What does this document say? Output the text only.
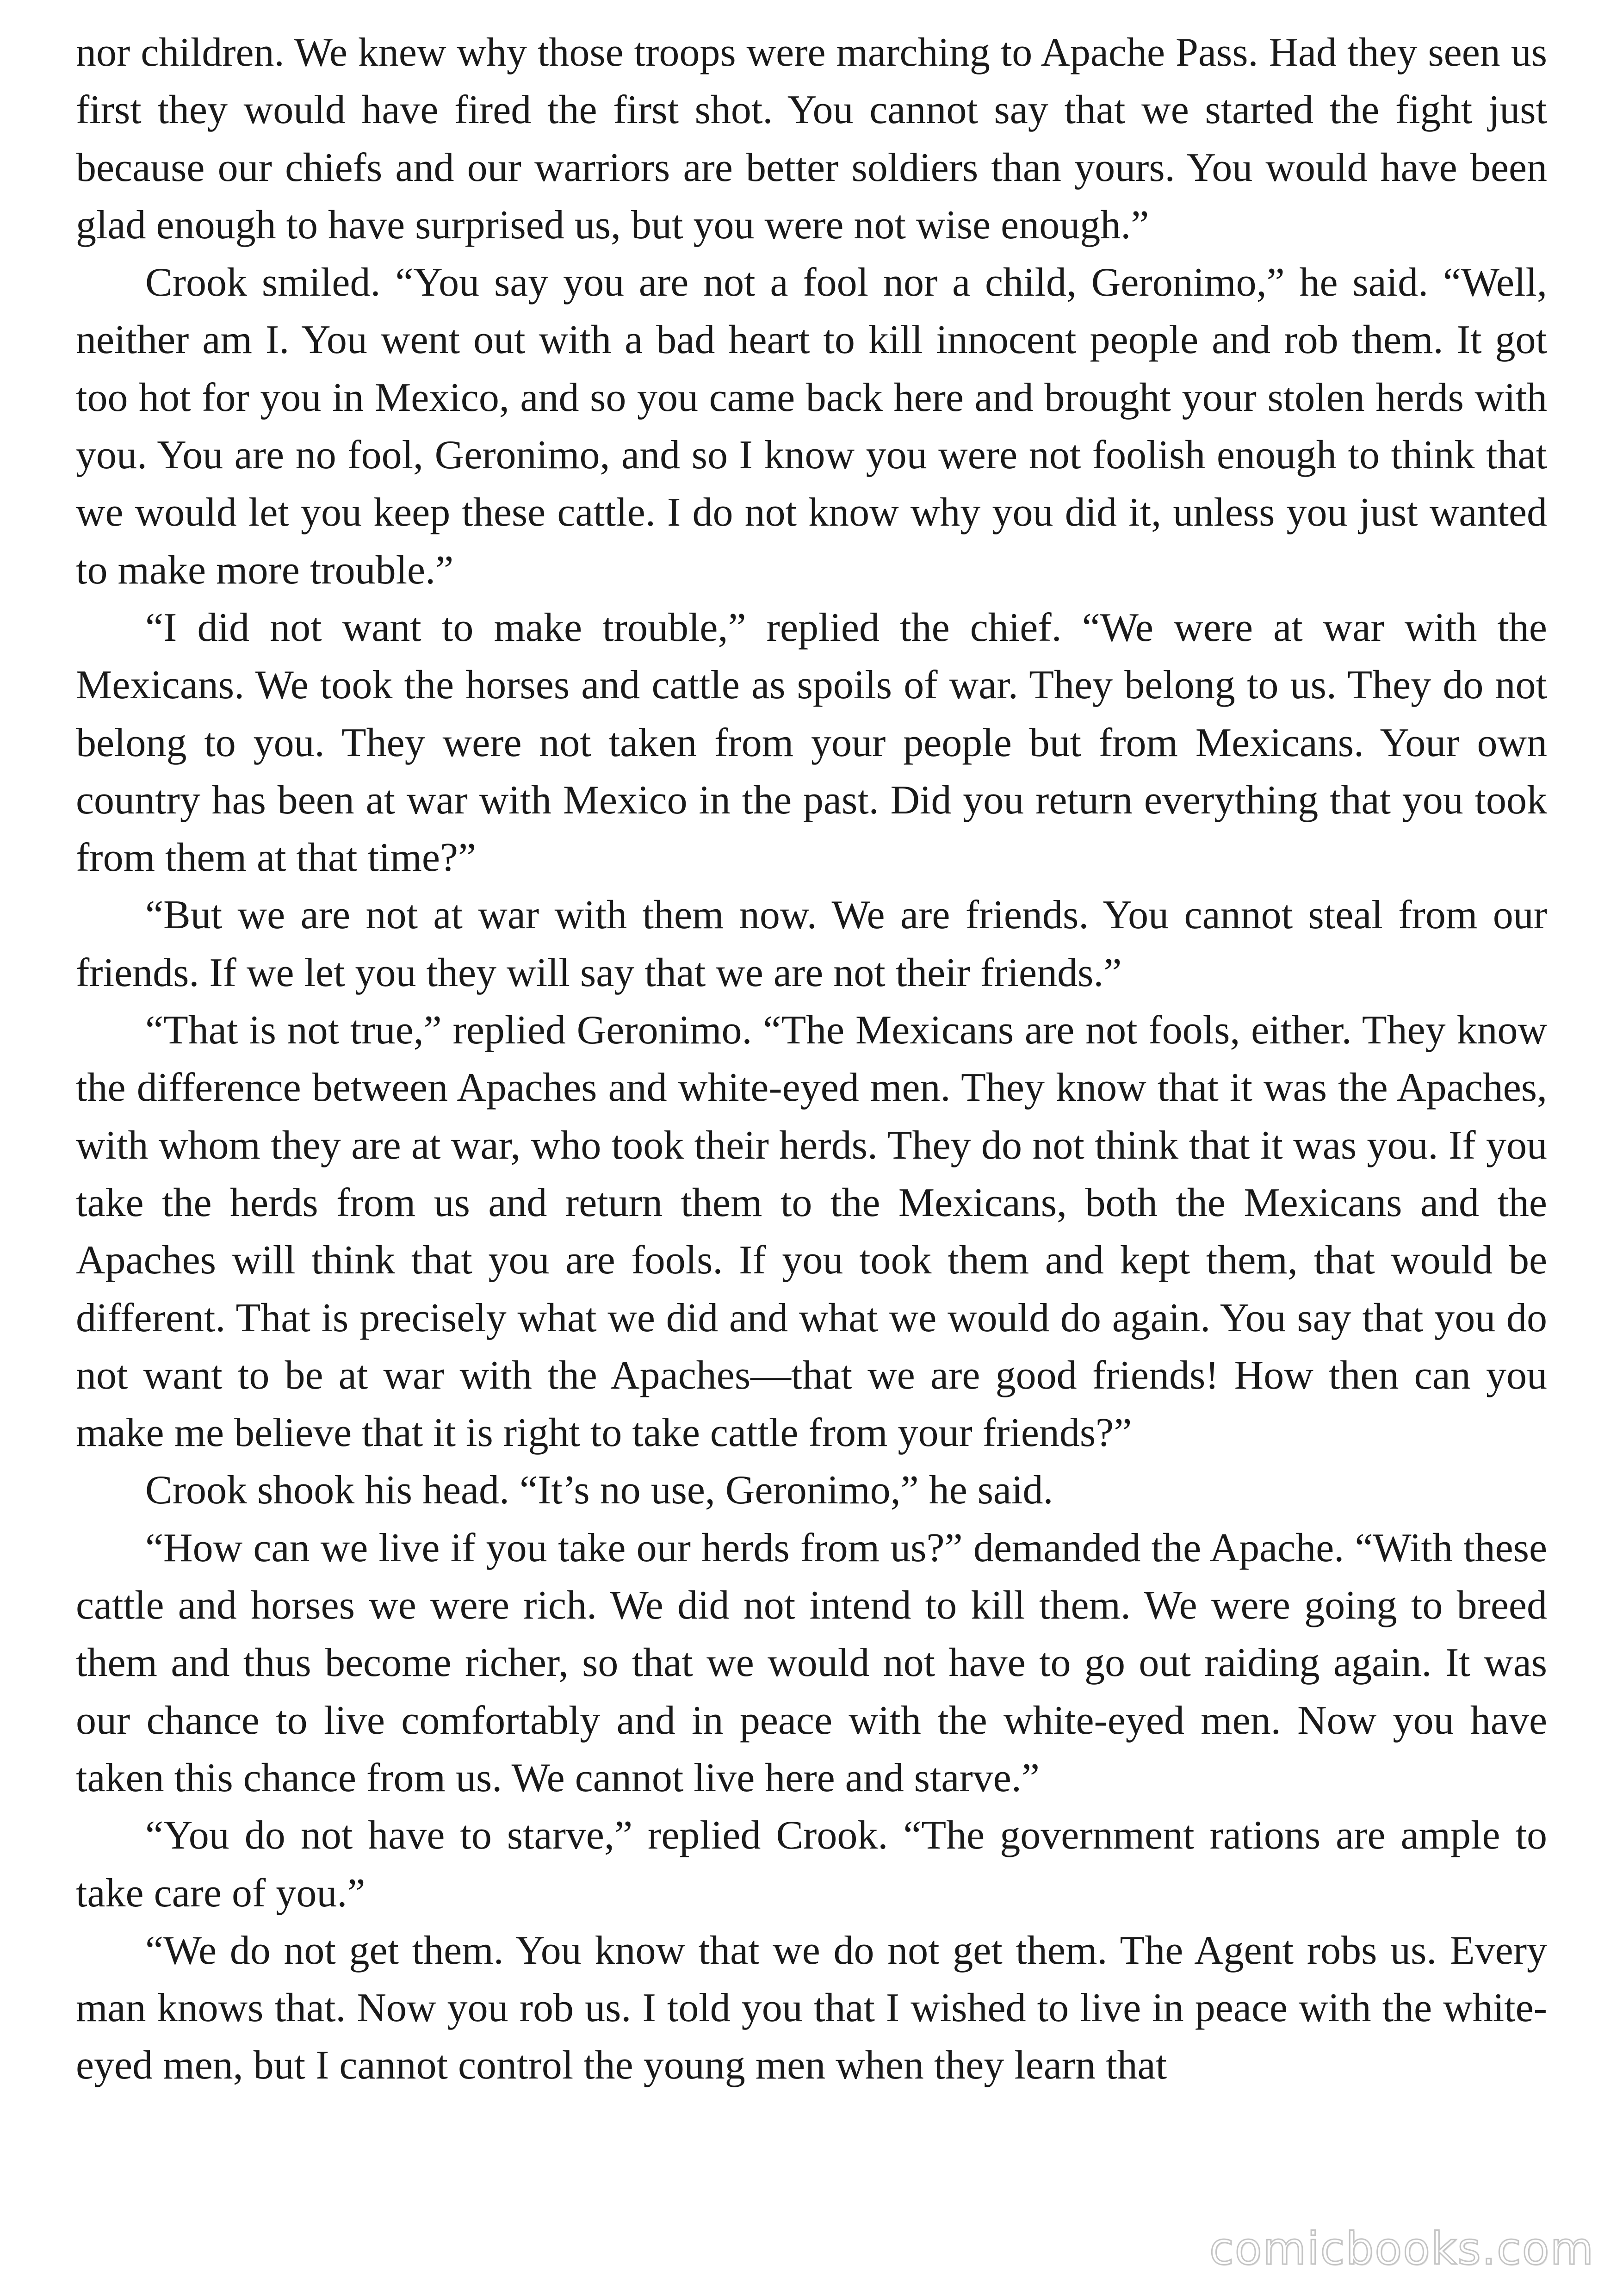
nor children. We knew why those troops were marching to Apache Pass. Had they seen us first they would have fired the first shot. You cannot say that we started the fight just because our chiefs and our warriors are better soldiers than yours. You would have been glad enough to have surprised us, but you were not wise enough.”

Crook smiled. “You say you are not a fool nor a child, Geronimo,” he said. “Well, neither am I. You went out with a bad heart to kill innocent people and rob them. It got too hot for you in Mexico, and so you came back here and brought your stolen herds with you. You are no fool, Geronimo, and so I know you were not foolish enough to think that we would let you keep these cattle. I do not know why you did it, unless you just wanted to make more trouble.”

“I did not want to make trouble,” replied the chief. “We were at war with the Mexicans. We took the horses and cattle as spoils of war. They belong to us. They do not belong to you. They were not taken from your people but from Mexicans. Your own country has been at war with Mexico in the past. Did you return everything that you took from them at that time?”

“But we are not at war with them now. We are friends. You cannot steal from our friends. If we let you they will say that we are not their friends.”

“That is not true,” replied Geronimo. “The Mexicans are not fools, either. They know the difference between Apaches and white-eyed men. They know that it was the Apaches, with whom they are at war, who took their herds. They do not think that it was you. If you take the herds from us and return them to the Mexicans, both the Mexicans and the Apaches will think that you are fools. If you took them and kept them, that would be different. That is precisely what we did and what we would do again. You say that you do not want to be at war with the Apaches—that we are good friends! How then can you make me believe that it is right to take cattle from your friends?”

Crook shook his head. “It’s no use, Geronimo,” he said.

“How can we live if you take our herds from us?” demanded the Apache. “With these cattle and horses we were rich. We did not intend to kill them. We were going to breed them and thus become richer, so that we would not have to go out raiding again. It was our chance to live comfortably and in peace with the white-eyed men. Now you have taken this chance from us. We cannot live here and starve.”

“You do not have to starve,” replied Crook. “The government rations are ample to take care of you.”

“We do not get them. You know that we do not get them. The Agent robs us. Every man knows that. Now you rob us. I told you that I wished to live in peace with the white-eyed men, but I cannot control the young men when they learn that

comicbooks.com
